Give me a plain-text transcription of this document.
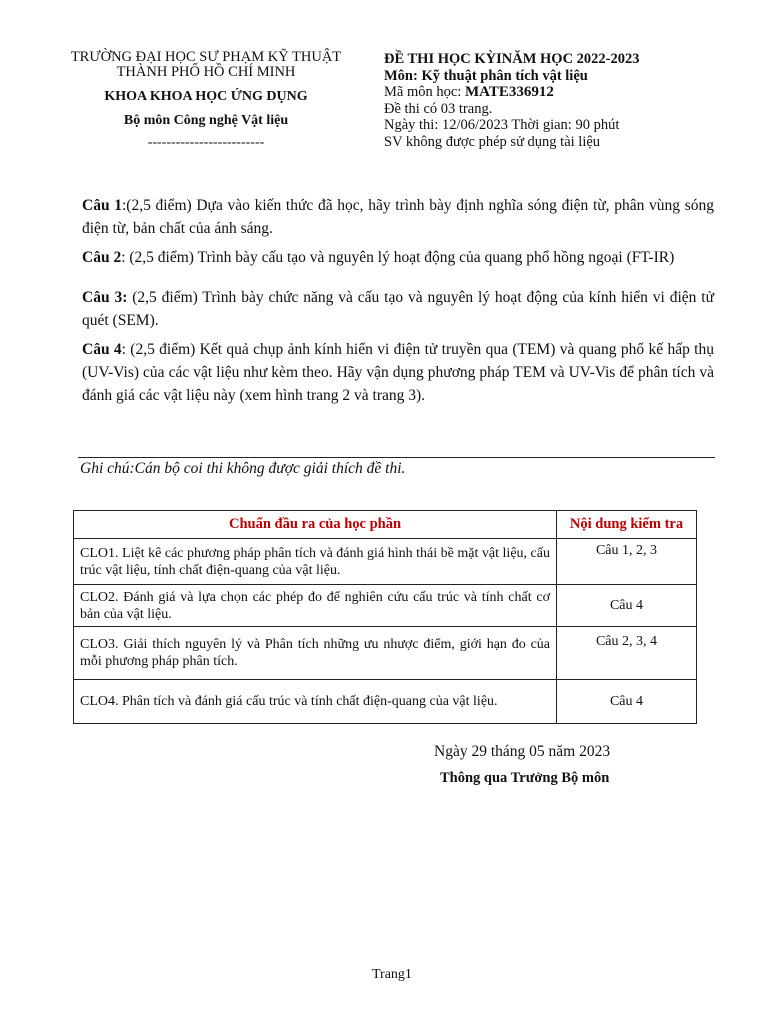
TRƯỜNG ĐẠI HỌC SƯ PHẠM KỸ THUẬT
THÀNH PHỐ HỒ CHÍ MINH
KHOA KHOA HỌC ỨNG DỤNG
Bộ môn Công nghệ Vật liệu
-------------------------
ĐỀ THI HỌC KỲINĂM HỌC 2022-2023
Môn: Kỹ thuật phân tích vật liệu
Mã môn học: MATE336912
Đề thi có 03 trang.
Ngày thi: 12/06/2023 Thời gian: 90 phút
SV không được phép sử dụng tài liệu
Câu 1:(2,5 điểm) Dựa vào kiến thức đã học, hãy trình bày định nghĩa sóng điện từ, phân vùng sóng điện từ, bản chất của ánh sáng.
Câu 2: (2,5 điểm) Trình bày cấu tạo và nguyên lý hoạt động của quang phổ hồng ngoại (FT-IR)
Câu 3: (2,5 điểm) Trình bày chức năng và cấu tạo và nguyên lý hoạt động của kính hiển vi điện tử quét (SEM).
Câu 4: (2,5 điểm) Kết quả chụp ảnh kính hiển vi điện tử truyền qua (TEM) và quang phổ kế hấp thụ (UV-Vis) của các vật liệu như kèm theo. Hãy vận dụng phương pháp TEM và UV-Vis để phân tích và đánh giá các vật liệu này (xem hình trang 2 và trang 3).
Ghi chú:Cán bộ coi thi không được giải thích đề thi.
Chuẩn đầu ra của học phần	Nội dung kiểm tra
CLO1. Liệt kê các phương pháp phân tích và đánh giá hình thái bề mặt vật liệu, cấu trúc vật liệu, tính chất điện-quang của vật liệu.	Câu 1, 2, 3
CLO2. Đánh giá và lựa chọn các phép đo để nghiên cứu cấu trúc và tính chất cơ bản của vật liệu.	Câu 4
CLO3. Giải thích nguyên lý và Phân tích những ưu nhược điểm, giới hạn đo của mỗi phương pháp phân tích.	Câu 2, 3, 4
CLO4. Phân tích và đánh giá cấu trúc và tính chất điện-quang của vật liệu.	Câu 4
Ngày 29 tháng 05 năm 2023
Thông qua Trưởng Bộ môn
Trang1
